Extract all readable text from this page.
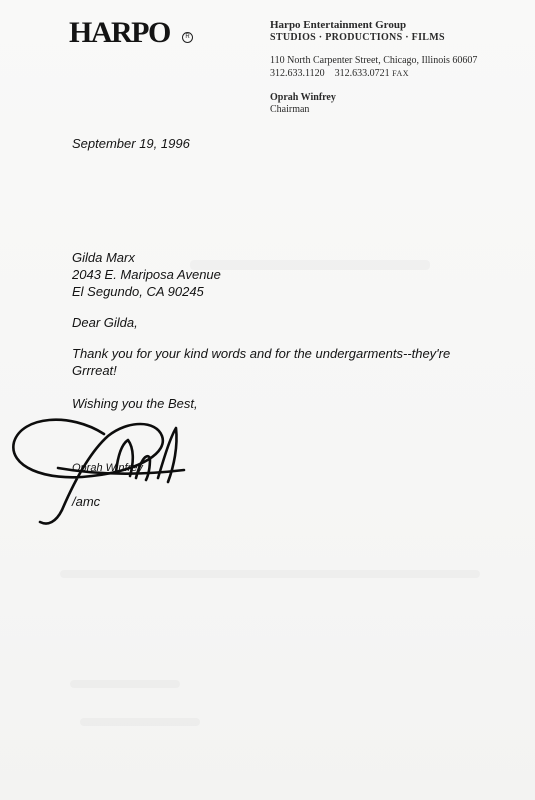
HARPO	R
Harpo Entertainment Group
STUDIOS · PRODUCTIONS · FILMS
110 North Carpenter Street, Chicago, Illinois 60607
312.633.1120 312.633.0721 FAX
Oprah Winfrey
Chairman
September 19, 1996
Gilda Marx
2043 E. Mariposa Avenue
El Segundo, CA 90245
Dear Gilda,
Thank you for your kind words and for the undergarments--they're
Grrreat!
Wishing you the Best,
Oprah Winfrey
/amc
